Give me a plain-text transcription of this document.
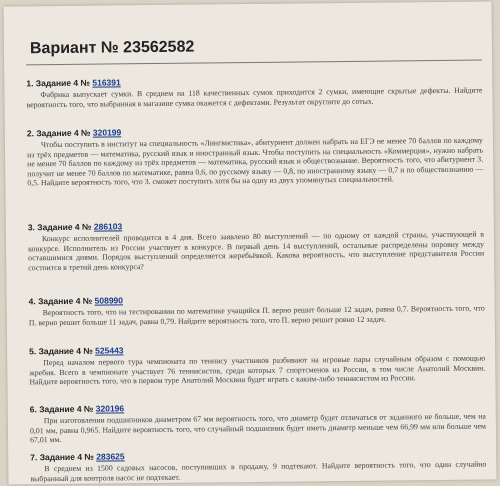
Вариант № 23562582
1. Задание 4 № 516391
Фабрика выпускает сумки. В среднем на 118 качественных сумок приходится 2 сумки, имеющие скрытые дефекты. Найдите вероятность того, что выбранная в магазине сумка окажется с дефектами. Результат округлите до сотых.
2. Задание 4 № 320199
Чтобы поступить в институт на специальность «Лингвистика», абитуриент должен набрать на ЕГЭ не менее 70 баллов по каждому из трёх предметов — математика, русский язык и иностранный язык. Чтобы поступить на специальность «Коммерция», нужно набрать не менее 70 баллов по каждому из трёх предметов — математика, русский язык и обществознание. Вероятность того, что абитуриент З. получит не менее 70 баллов по математике, равна 0,6, по русскому языку — 0,8, по иностранному языку — 0,7 и по обществознанию — 0,5. Найдите вероятность того, что З. сможет поступить хотя бы на одну из двух упомянутых специальностей.
3. Задание 4 № 286103
Конкурс исполнителей проводится в 4 дня. Всего заявлено 80 выступлений — по одному от каждой страны, участвующей в конкурсе. Исполнитель из России участвует в конкурсе. В первый день 14 выступлений, остальные распределены поровну между оставшимися днями. Порядок выступлений определяется жеребьёвкой. Какова вероятность, что выступление представителя России состоится в третий день конкурса?
4. Задание 4 № 508990
Вероятность того, что на тестировании по математике учащийся П. верно решит больше 12 задач, равна 0,7. Вероятность того, что П. верно решит больше 11 задач, равна 0,79. Найдите вероятность того, что П. верно решит ровно 12 задач.
5. Задание 4 № 525443
Перед началом первого тура чемпионата по теннису участников разбивают на игровые пары случайным образом с помощью жребия. Всего в чемпионате участвует 76 теннисистов, среди которых 7 спортсменов из России, в том числе Анатолий Москвин. Найдите вероятность того, что в первом туре Анатолий Москвин будет играть с каким-либо теннисистом из России.
6. Задание 4 № 320196
При изготовлении подшипников диаметром 67 мм вероятность того, что диаметр будет отличаться от заданного не больше, чем на 0,01 мм, равна 0,965. Найдите вероятность того, что случайный подшипник будет иметь диаметр меньше чем 66,99 мм или больше чем 67,01 мм.
7. Задание 4 № 283625
В среднем из 1500 садовых насосов, поступивших в продажу, 9 подтекают. Найдите вероятность того, что один случайно выбранный для контроля насос не подтекает.
